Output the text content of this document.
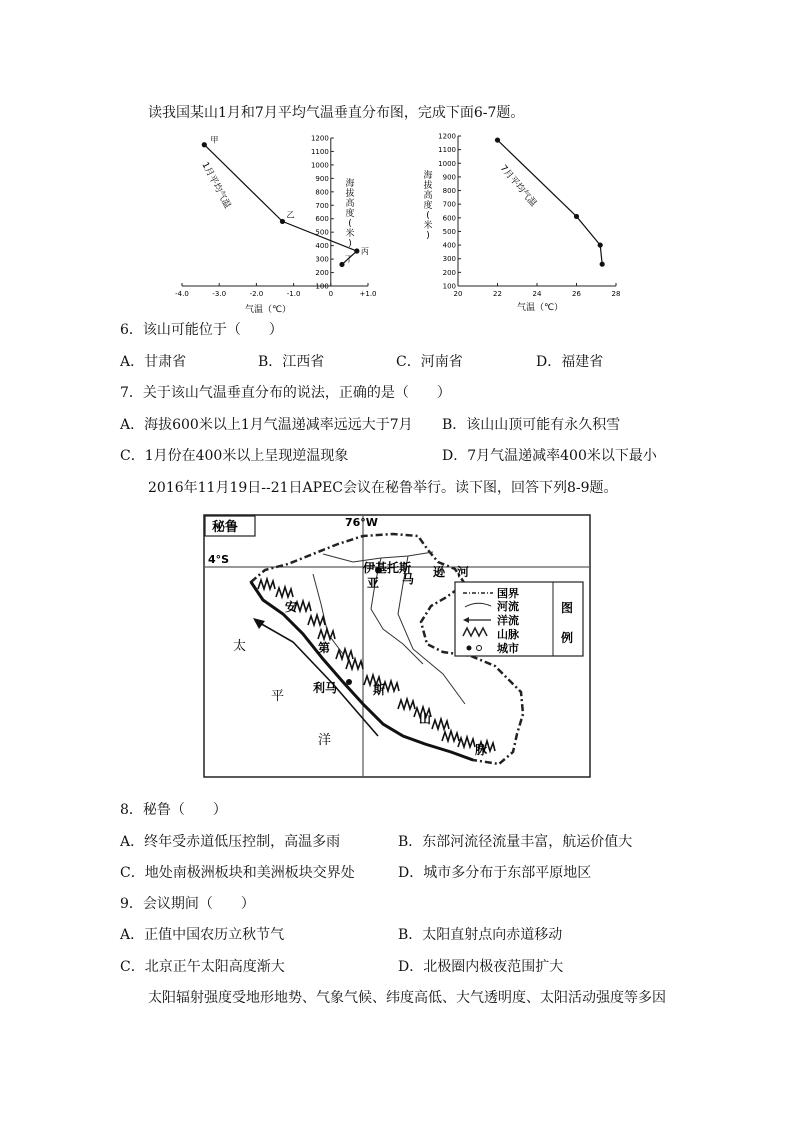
读我国某山1月和7月平均气温垂直分布图，完成下面6-7题。
-4.0	-3.0	-2.0	-1.0	0	+1.0
100
200
300
400
500
600
700
800
900
1000
1100
1200
甲
乙
丙
丁
气温（℃）
海
拔
高
度
(
米
)
1月平均气温
20	22	24	26	28
100
200
300
400
500
600
700
800
900
1000
1100
1200
气温（℃）
海
拔
高
度
(
米
)
7月平均气温
6．该山可能位于（　　）
A．甘肃省	B．江西省	C．河南省	D．福建省
7．关于该山气温垂直分布的说法，正确的是（　　）
A．海拔600米以上1月气温递减率远远大于7月 B．该山山顶可能有永久积雪
C．1月份在400米以上呈现逆温现象	D．7月气温递减率400米以下最小
2016年11月19日--21日APEC会议在秘鲁举行。读下图，回答下列8-9题。
秘鲁	76°W
4°S
伊基托斯
亚 马 逊 河
安
第
斯
山
脉
利马
太
平
洋
图
例
国界
河流
洋流
山脉
城市
8．秘鲁（　　）
A．终年受赤道低压控制，高温多雨	B．东部河流径流量丰富，航运价值大
C．地处南极洲板块和美洲板块交界处	D．城市多分布于东部平原地区
9．会议期间（　　）
A．正值中国农历立秋节气	B．太阳直射点向赤道移动
C．北京正午太阳高度渐大	D．北极圈内极夜范围扩大
太阳辐射强度受地形地势、气象气候、纬度高低、大气透明度、太阳活动强度等多因
